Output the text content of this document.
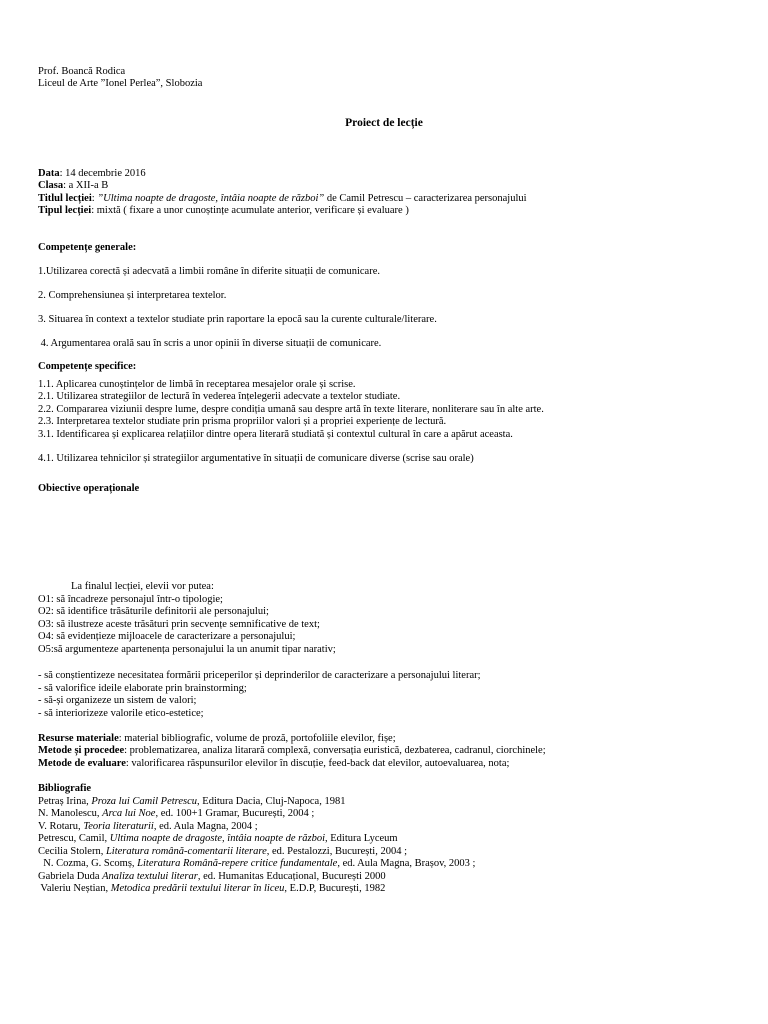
Prof. Boancă Rodica
Liceul de Arte ”Ionel Perlea”, Slobozia
Proiect de lecție
Data: 14 decembrie 2016
Clasa: a XII-a B
Titlul lecției: ”Ultima noapte de dragoste, întâia noapte de război” de Camil Petrescu – caracterizarea personajului
Tipul lecției: mixtă ( fixare a unor cunoștințe acumulate anterior, verificare și evaluare )
Competențe generale:
1.Utilizarea corectă și adecvată a limbii române în diferite situații de comunicare.
2. Comprehensiunea și interpretarea textelor.
3. Situarea în context a textelor studiate prin raportare la epocă sau la curente culturale/literare.
4. Argumentarea orală sau în scris a unor opinii în diverse situații de comunicare.
Competențe specifice:
1.1. Aplicarea cunoștințelor de limbă în receptarea mesajelor orale și scrise.
2.1. Utilizarea strategiilor de lectură în vederea înțelegerii adecvate a textelor studiate.
2.2. Compararea viziunii despre lume, despre condiția umană sau despre artă în texte literare, nonliterare sau în alte arte.
2.3. Interpretarea textelor studiate prin prisma propriilor valori și a propriei experiențe de lectură.
3.1. Identificarea și explicarea relațiilor dintre opera literară studiată și contextul cultural în care a apărut aceasta.
4.1. Utilizarea tehnicilor și strategiilor argumentative în situații de comunicare diverse (scrise sau orale)
Obiective operaționale
La finalul lecției, elevii vor putea:
O1: să încadreze personajul într-o tipologie;
O2: să identifice trăsăturile definitorii ale personajului;
O3: să ilustreze aceste trăsături prin secvențe semnificative de text;
O4: să evidențieze mijloacele de caracterizare a personajului;
O5:să argumenteze apartenența personajului la un anumit tipar narativ;
- să conștientizeze necesitatea formării priceperilor și deprinderilor de caracterizare a personajului literar;
- să valorifice ideile elaborate prin brainstorming;
- să-și organizeze un sistem de valori;
- să interiorizeze valorile etico-estetice;
Resurse materiale: material bibliografic, volume de proză, portofoliile elevilor, fișe;
Metode și procedee: problematizarea, analiza litarară complexă, conversația euristică, dezbaterea, cadranul, ciorchinele;
Metode de evaluare: valorificarea răspunsurilor elevilor în discuție, feed-back dat elevilor, autoevaluarea, nota;
Bibliografie
Petraș Irina, Proza lui Camil Petrescu, Editura Dacia, Cluj-Napoca, 1981
N. Manolescu, Arca lui Noe, ed. 100+1 Gramar, București, 2004 ;
V. Rotaru, Teoria literaturii, ed. Aula Magna, 2004 ;
Petrescu, Camil, Ultima noapte de dragoste, întâia noapte de război, Editura Lyceum
Cecilia Stolern, Literatura română-comentarii literare, ed. Pestalozzi, București, 2004 ;
N. Cozma, G. Scomș, Literatura Română-repere critice fundamentale, ed. Aula Magna, Brașov, 2003 ;
Gabriela Duda Analiza textului literar, ed. Humanitas Educațional, București 2000
Valeriu Neștian, Metodica predării textului literar în liceu, E.D.P, București, 1982
